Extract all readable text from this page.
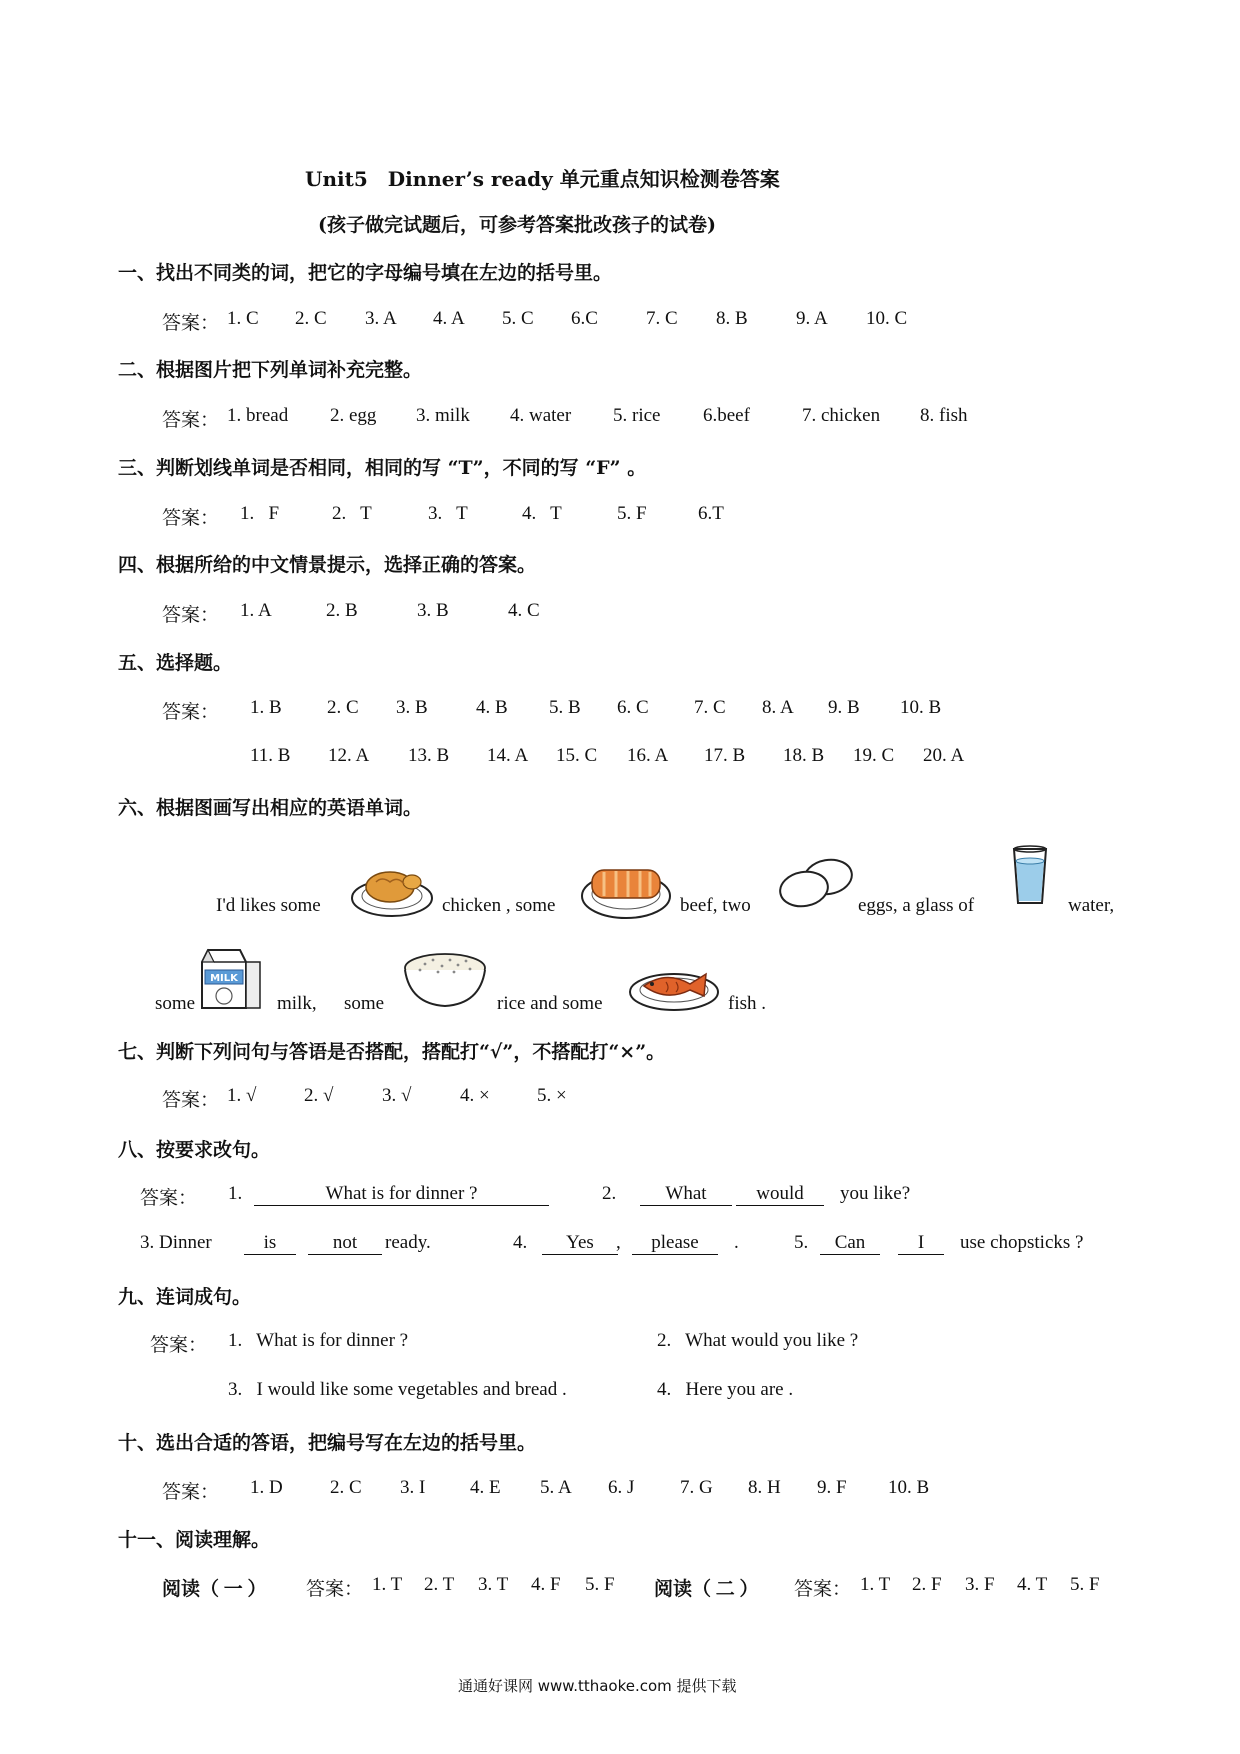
Unit5　Dinner’s ready 单元重点知识检测卷答案
(孩子做完试题后，可参考答案批改孩子的试卷)
一、找出不同类的词，把它的字母编号填在左边的括号里。
答案： 1. C 2. C 3. A 4. A 5. C 6.C	7. C 8. B	9. A 10. C
二、根据图片把下列单词补充完整。
答案： 1. bread 2. egg 3. milk 4. water 5. rice 6.beef	7. chicken 8. fish
三、判断划线单词是否相同，相同的写 “T”，不同的写 “F” 。
答案： 1.   F	2.   T	3.   T	4.   T	5. F	6.T
四、根据所给的中文情景提示，选择正确的答案。
答案： 1. A	2. B	3. B	4. C
五、选择题。
答案： 1. B 2. C 3. B	4. B 5. B 6. C 7. C 8. A 9. B 10. B
11. B 12. A 13. B 14. A 15. C 16. A 17. B 18. B 19. C 20. A
六、根据图画写出相应的英语单词。
I'd likes some	chicken , some	beef, two	eggs, a glass of	water,
some
MILK
milk, some	rice and some	fish .
七、判断下列问句与答语是否搭配，搭配打“√”，不搭配打“×”。
答案： 1. √	2. √	3. √	4. × 5. ×
八、按要求改句。
答案： 1.	What is for dinner ?	2.	What	would	you like?
3. Dinner	is	not	ready.	4.	Yes	,	please	.	5.	Can	I	use chopsticks ?
九、连词成句。
答案： 1.   What is for dinner ?	2.   What would you like ?
3.   I would like some vegetables and bread .	4.   Here you are .
十、选出合适的答语，把编号写在左边的括号里。
答案： 1. D 2. C 3. I 4. E 5. A 6. J 7. G 8. H 9. F 10. B
十一、阅读理解。
阅读（ 一 ） 答案： 1. T 2. T 3. T 4. F 5. F 阅读（ 二 ） 答案： 1. T 2. F 3. F 4. T 5. F
通通好课网 www.tthaoke.com 提供下载
